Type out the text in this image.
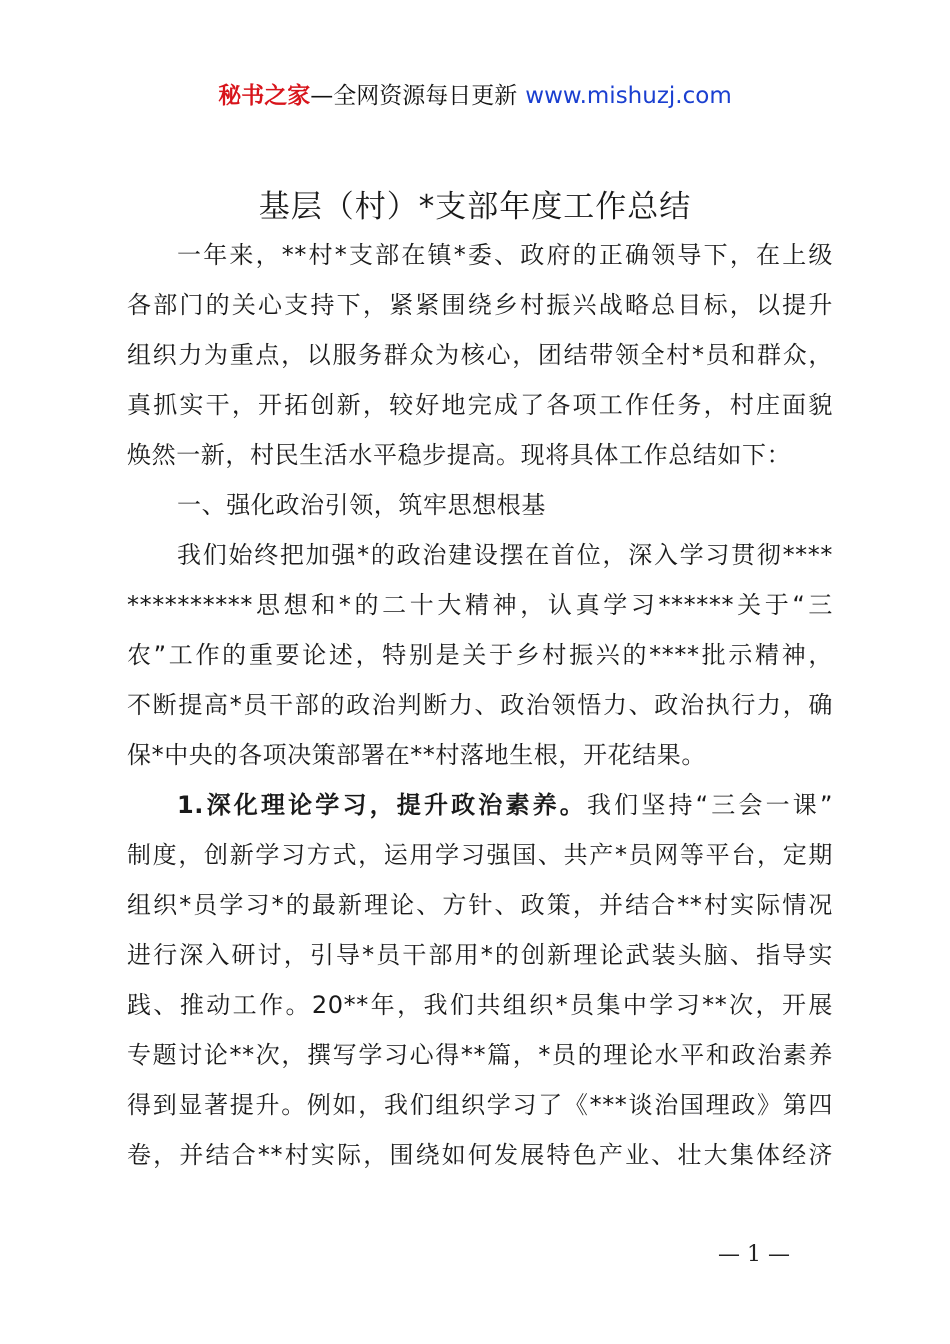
秘书之家—全网资源每日更新 www.mishuzj.com
基层（村）*支部年度工作总结
一年来，**村*支部在镇*委、政府的正确领导下，在上级
各部门的关心支持下，紧紧围绕乡村振兴战略总目标，以提升
组织力为重点，以服务群众为核心，团结带领全村*员和群众，
真抓实干，开拓创新，较好地完成了各项工作任务，村庄面貌
焕然一新，村民生活水平稳步提高。现将具体工作总结如下：
一、强化政治引领，筑牢思想根基
我们始终把加强*的政治建设摆在首位，深入学习贯彻****
**********思想和*的二十大精神，认真学习******关于“三
农”工作的重要论述，特别是关于乡村振兴的****批示精神，
不断提高*员干部的政治判断力、政治领悟力、政治执行力，确
保*中央的各项决策部署在**村落地生根，开花结果。
1.深化理论学习，提升政治素养。我们坚持“三会一课”
制度，创新学习方式，运用学习强国、共产*员网等平台，定期
组织*员学习*的最新理论、方针、政策，并结合**村实际情况
进行深入研讨，引导*员干部用*的创新理论武装头脑、指导实
践、推动工作。20**年，我们共组织*员集中学习**次，开展
专题讨论**次，撰写学习心得**篇，*员的理论水平和政治素养
得到显著提升。例如，我们组织学习了《***谈治国理政》第四
卷，并结合**村实际，围绕如何发展特色产业、壮大集体经济
— 1 —
